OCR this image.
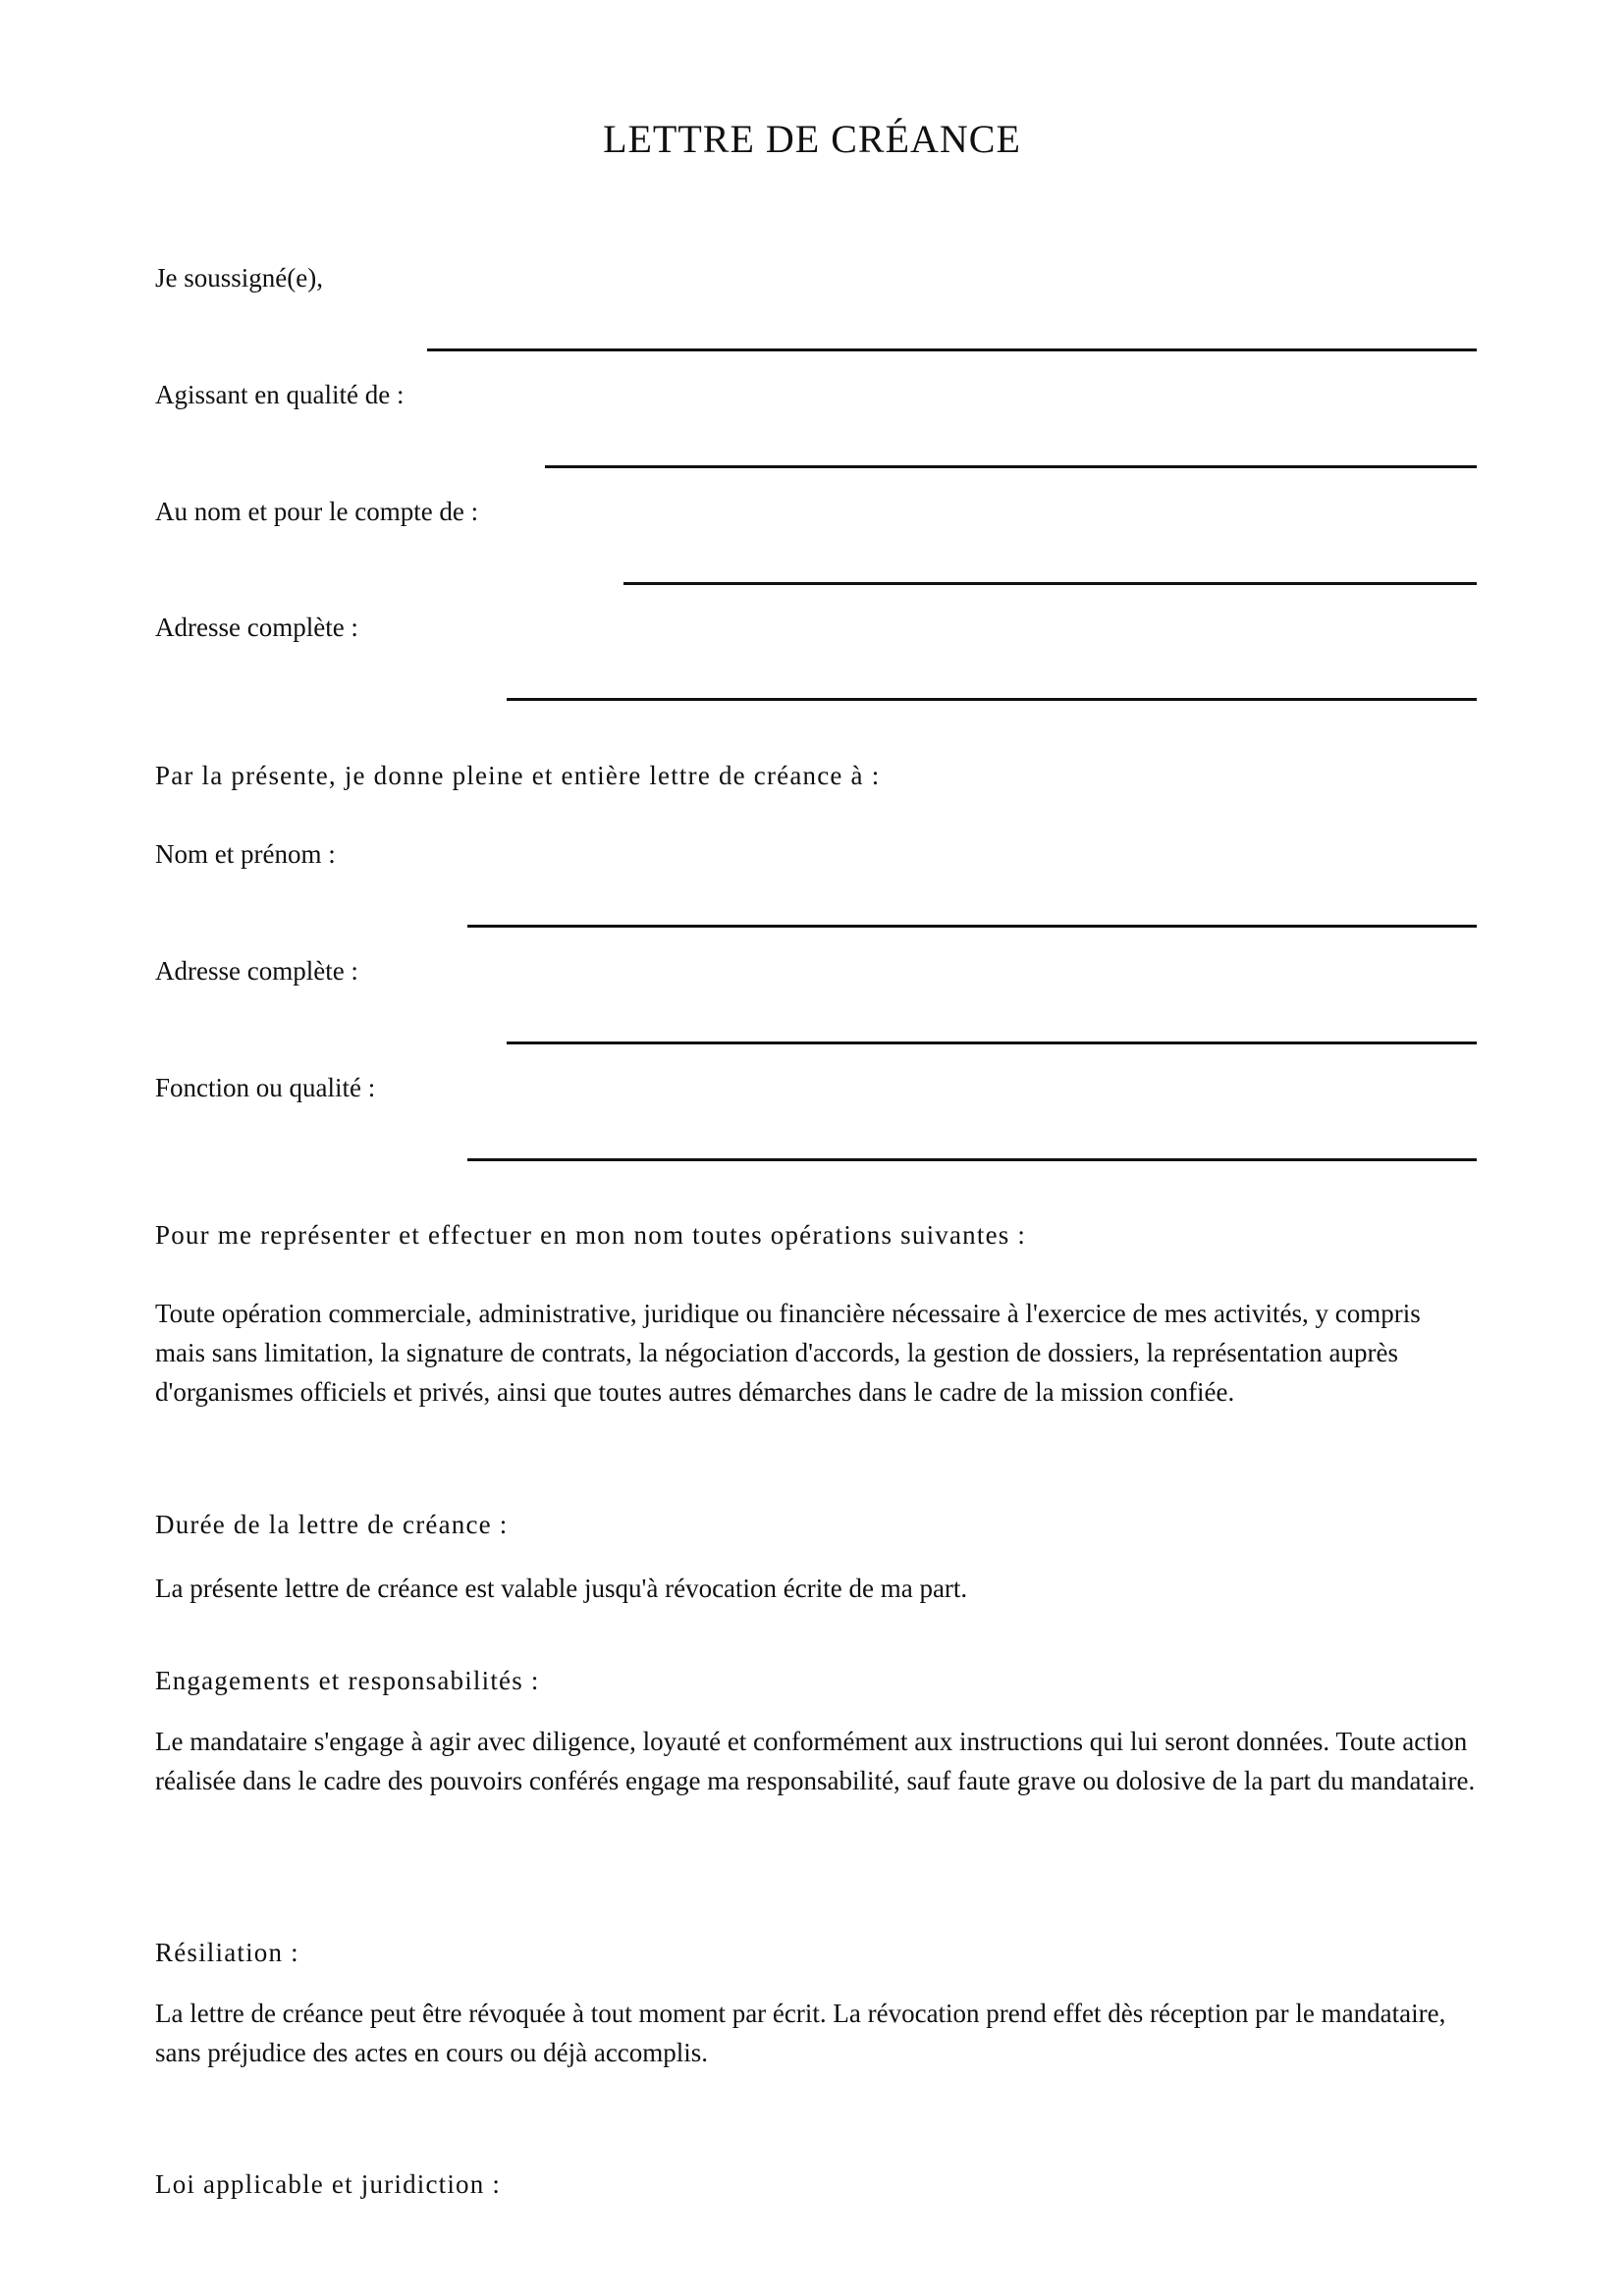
LETTRE DE CRÉANCE

Je soussigné(e),

Agissant en qualité de :

Au nom et pour le compte de :

Adresse complète :

Par la présente, je donne pleine et entière lettre de créance à :

Nom et prénom :

Adresse complète :

Fonction ou qualité :

Pour me représenter et effectuer en mon nom toutes opérations suivantes :

Toute opération commerciale, administrative, juridique ou financière nécessaire à l'exercice de mes activités, y compris mais sans limitation, la signature de contrats, la négociation d'accords, la gestion de dossiers, la représentation auprès d'organismes officiels et privés, ainsi que toutes autres démarches dans le cadre de la mission confiée.

Durée de la lettre de créance :

La présente lettre de créance est valable jusqu'à révocation écrite de ma part.

Engagements et responsabilités :

Le mandataire s'engage à agir avec diligence, loyauté et conformément aux instructions qui lui seront données. Toute action réalisée dans le cadre des pouvoirs conférés engage ma responsabilité, sauf faute grave ou dolosive de la part du mandataire.

Résiliation :

La lettre de créance peut être révoquée à tout moment par écrit. La révocation prend effet dès réception par le mandataire, sans préjudice des actes en cours ou déjà accomplis.

Loi applicable et juridiction :
